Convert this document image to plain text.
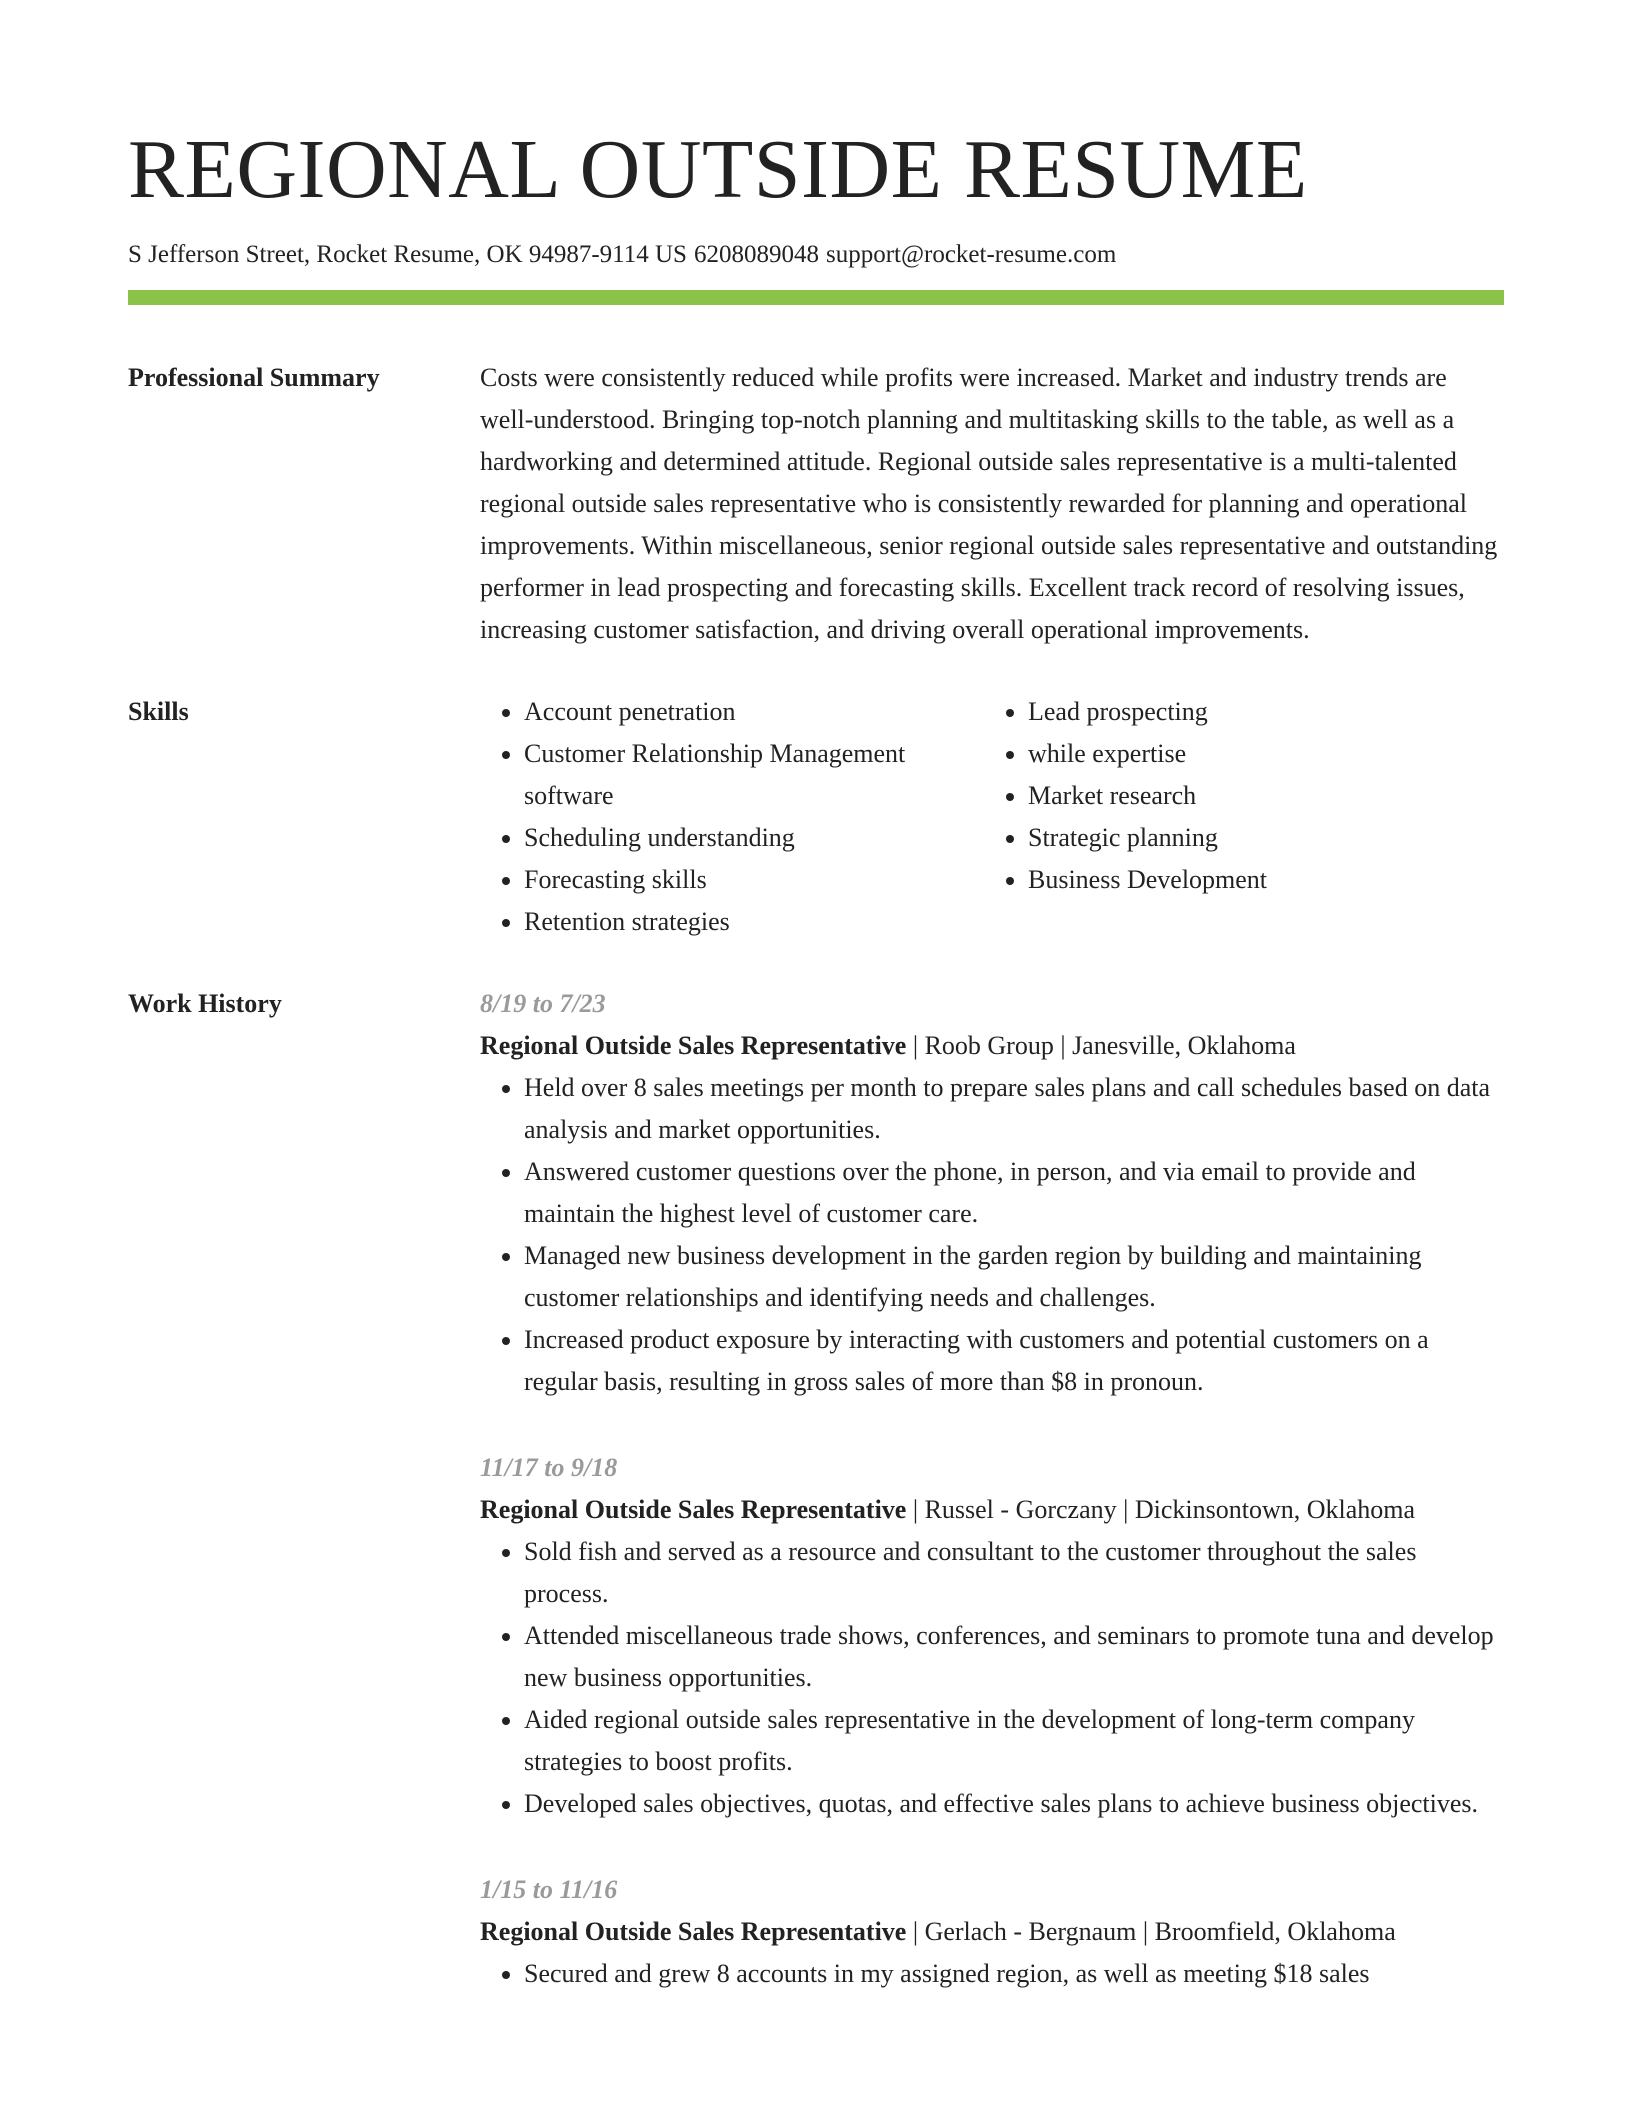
REGIONAL OUTSIDE RESUME
S Jefferson Street, Rocket Resume, OK 94987-9114 US 6208089048 support@rocket-resume.com
Professional Summary	Costs were consistently reduced while profits were increased. Market and industry trends are well-understood. Bringing top-notch planning and multitasking skills to the table, as well as a hardworking and determined attitude. Regional outside sales representative is a multi-talented regional outside sales representative who is consistently rewarded for planning and operational improvements. Within miscellaneous, senior regional outside sales representative and outstanding performer in lead prospecting and forecasting skills. Excellent track record of resolving issues, increasing customer satisfaction, and driving overall operational improvements.

Skills
•	Account penetration
• Customer Relationship Management software
• Scheduling understanding
• Forecasting skills
• Retention strategies
• Lead prospecting
• while expertise
• Market research
• Strategic planning
• Business Development
Work History	8/19 to 7/23
Regional Outside Sales Representative | Roob Group | Janesville, Oklahoma
• Held over 8 sales meetings per month to prepare sales plans and call schedules based on data analysis and market opportunities.
• Answered customer questions over the phone, in person, and via email to provide and maintain the highest level of customer care.
• Managed new business development in the garden region by building and maintaining customer relationships and identifying needs and challenges.
• Increased product exposure by interacting with customers and potential customers on a regular basis, resulting in gross sales of more than $8 in pronoun.
11/17 to 9/18
Regional Outside Sales Representative | Russel - Gorczany | Dickinsontown, Oklahoma
• Sold fish and served as a resource and consultant to the customer throughout the sales process.
• Attended miscellaneous trade shows, conferences, and seminars to promote tuna and develop new business opportunities.
• Aided regional outside sales representative in the development of long-term company strategies to boost profits.
• Developed sales objectives, quotas, and effective sales plans to achieve business objectives.
1/15 to 11/16
Regional Outside Sales Representative | Gerlach - Bergnaum | Broomfield, Oklahoma
• Secured and grew 8 accounts in my assigned region, as well as meeting $18 sales
